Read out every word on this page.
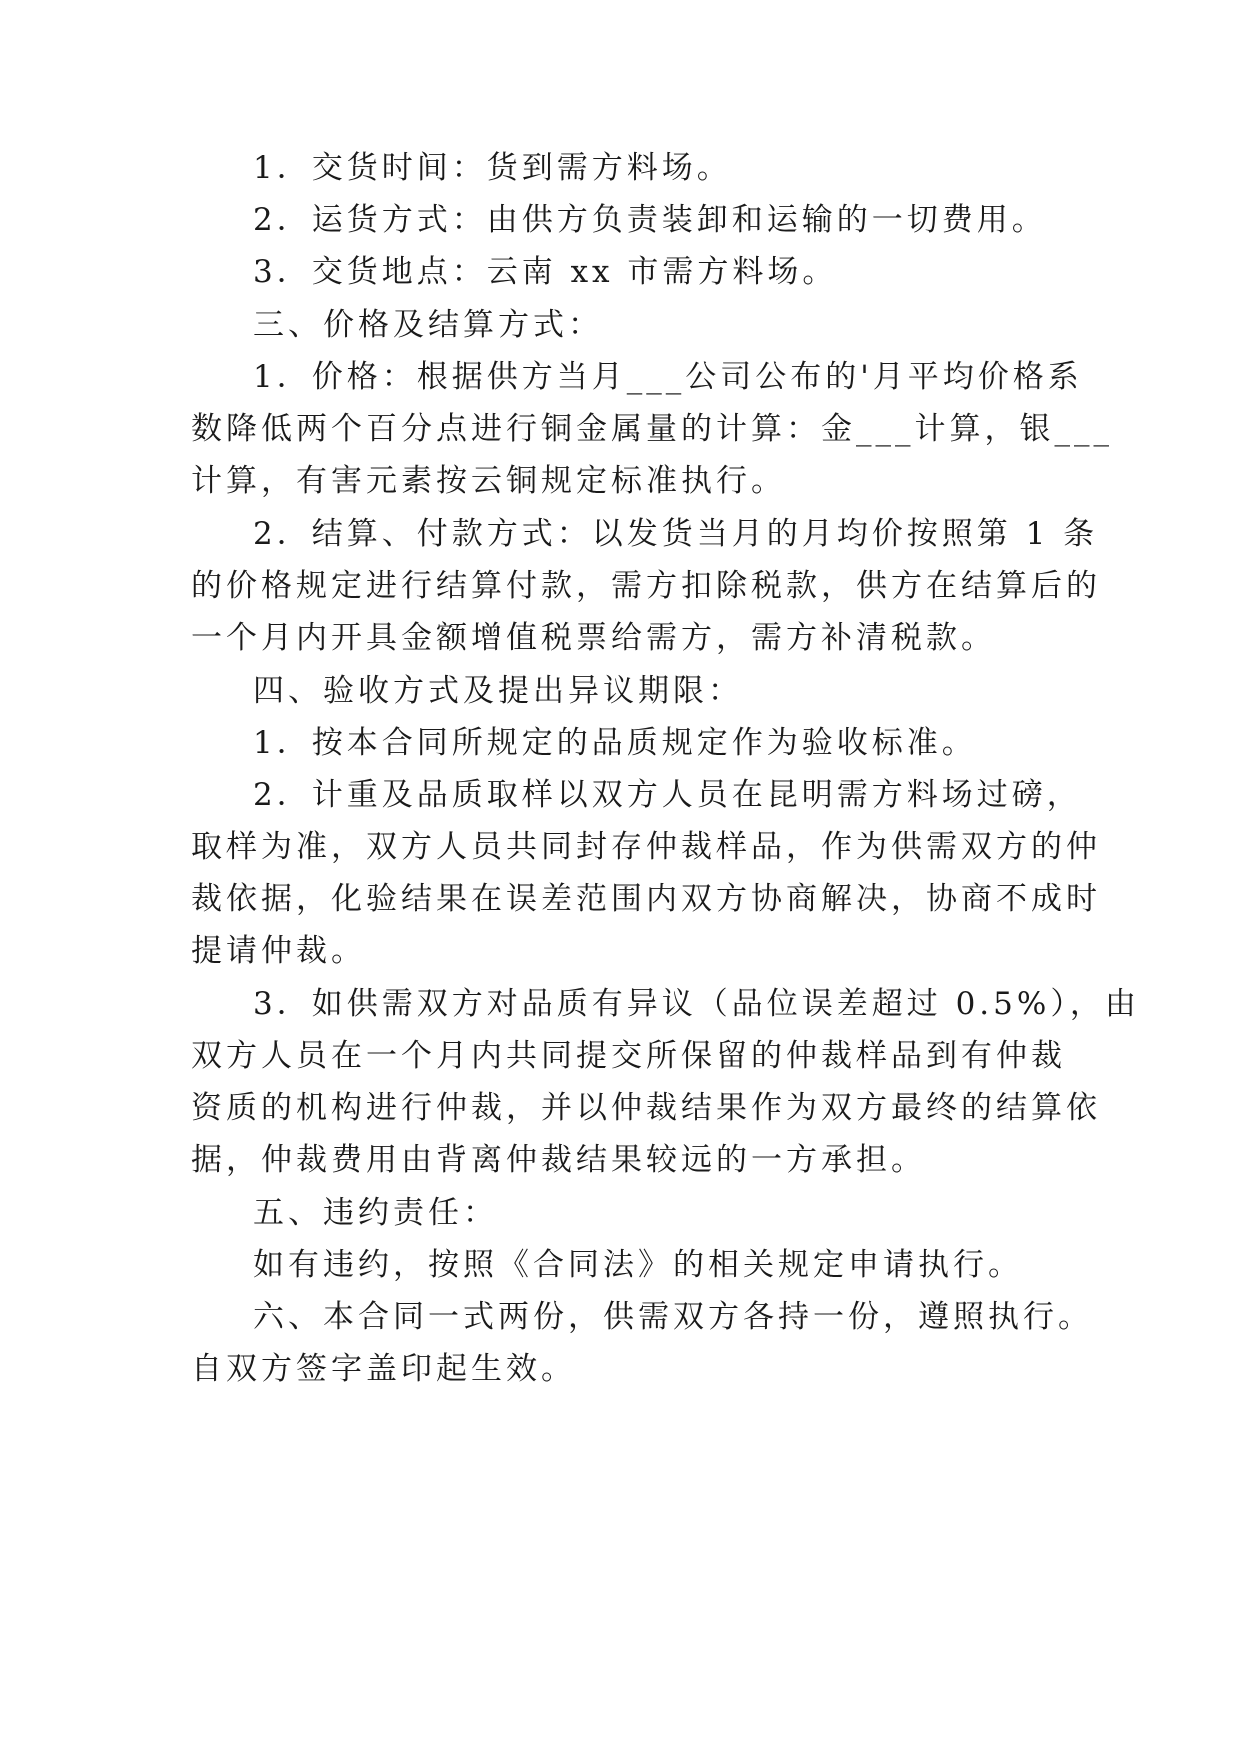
1．交货时间：货到需方料场。

2．运货方式：由供方负责装卸和运输的一切费用。

3．交货地点：云南 xx 市需方料场。

三、价格及结算方式：

1．价格：根据供方当月___公司公布的'月平均价格系

数降低两个百分点进行铜金属量的计算：金___计算，银___

计算，有害元素按云铜规定标准执行。

2．结算、付款方式：以发货当月的月均价按照第 1 条

的价格规定进行结算付款，需方扣除税款，供方在结算后的

一个月内开具金额增值税票给需方，需方补清税款。

四、验收方式及提出异议期限：

1．按本合同所规定的品质规定作为验收标准。

2．计重及品质取样以双方人员在昆明需方料场过磅，

取样为准，双方人员共同封存仲裁样品，作为供需双方的仲

裁依据，化验结果在误差范围内双方协商解决，协商不成时

提请仲裁。

3．如供需双方对品质有异议（品位误差超过 0.5%），由

双方人员在一个月内共同提交所保留的仲裁样品到有仲裁

资质的机构进行仲裁，并以仲裁结果作为双方最终的结算依

据，仲裁费用由背离仲裁结果较远的一方承担。

五、违约责任：

如有违约，按照《合同法》的相关规定申请执行。

六、本合同一式两份，供需双方各持一份，遵照执行。

自双方签字盖印起生效。
